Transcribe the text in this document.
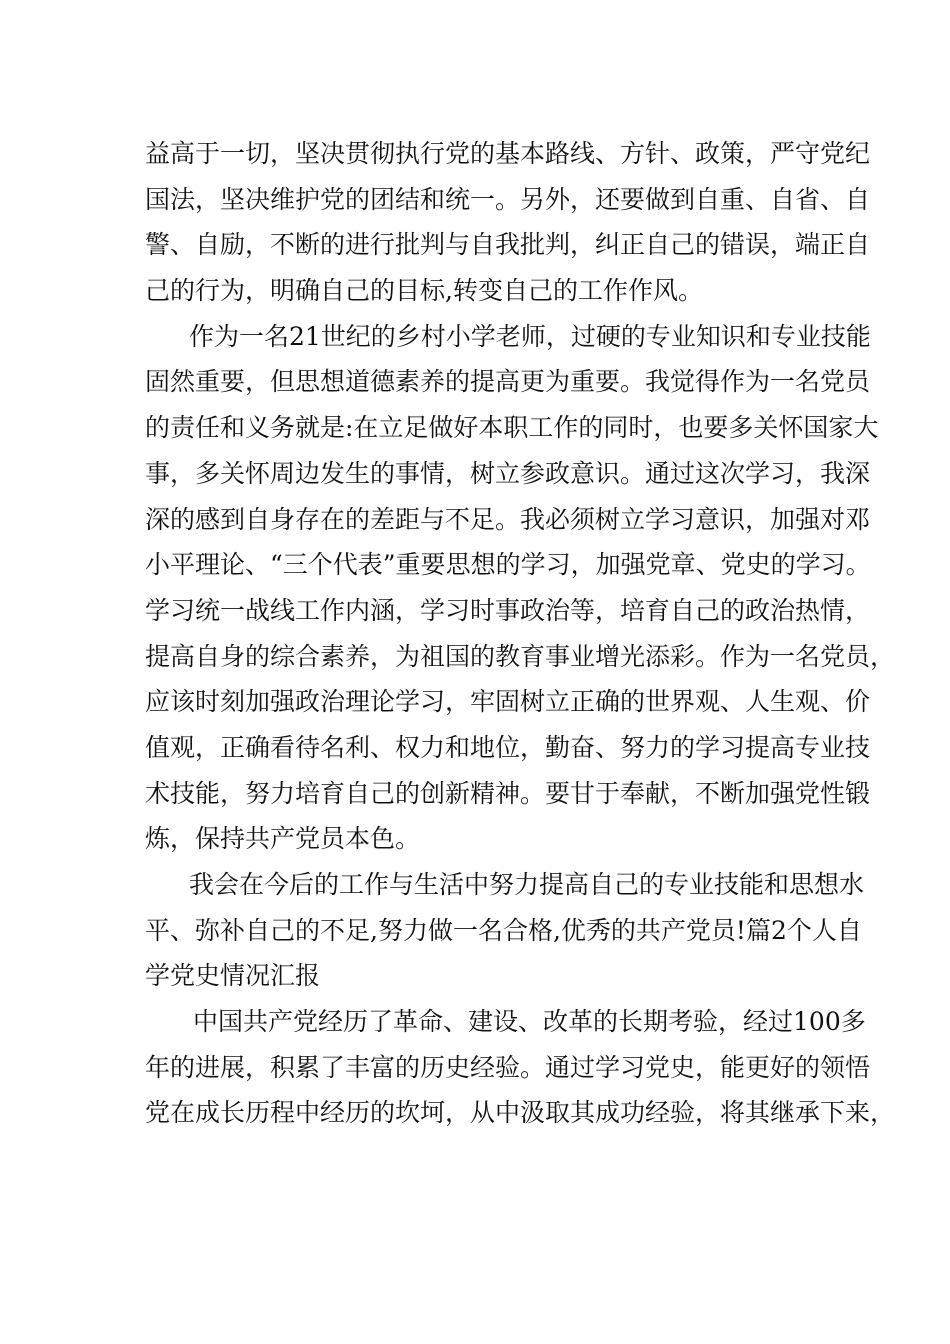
益高于一切，坚决贯彻执行党的基本路线、方针、政策，严守党纪
国法，坚决维护党的团结和统一。另外，还要做到自重、自省、自
警、自励，不断的进行批判与自我批判，纠正自己的错误，端正自
己的行为，明确自己的目标,转变自己的工作作风。
作为一名21世纪的乡村小学老师，过硬的专业知识和专业技能
固然重要，但思想道德素养的提高更为重要。我觉得作为一名党员
的责任和义务就是:在立足做好本职工作的同时，也要多关怀国家大
事，多关怀周边发生的事情，树立参政意识。通过这次学习，我深
深的感到自身存在的差距与不足。我必须树立学习意识，加强对邓
小平理论、“三个代表”重要思想的学习，加强党章、党史的学习。
学习统一战线工作内涵，学习时事政治等，培育自己的政治热情，
提高自身的综合素养，为祖国的教育事业增光添彩。作为一名党员，
应该时刻加强政治理论学习，牢固树立正确的世界观、人生观、价
值观，正确看待名利、权力和地位，勤奋、努力的学习提高专业技
术技能，努力培育自己的创新精神。要甘于奉献，不断加强党性锻
炼，保持共产党员本色。
我会在今后的工作与生活中努力提高自己的专业技能和思想水
平、弥补自己的不足,努力做一名合格,优秀的共产党员!篇2个人自
学党史情况汇报
中国共产党经历了革命、建设、改革的长期考验，经过100多
年的进展，积累了丰富的历史经验。通过学习党史，能更好的领悟
党在成长历程中经历的坎坷，从中汲取其成功经验，将其继承下来，
